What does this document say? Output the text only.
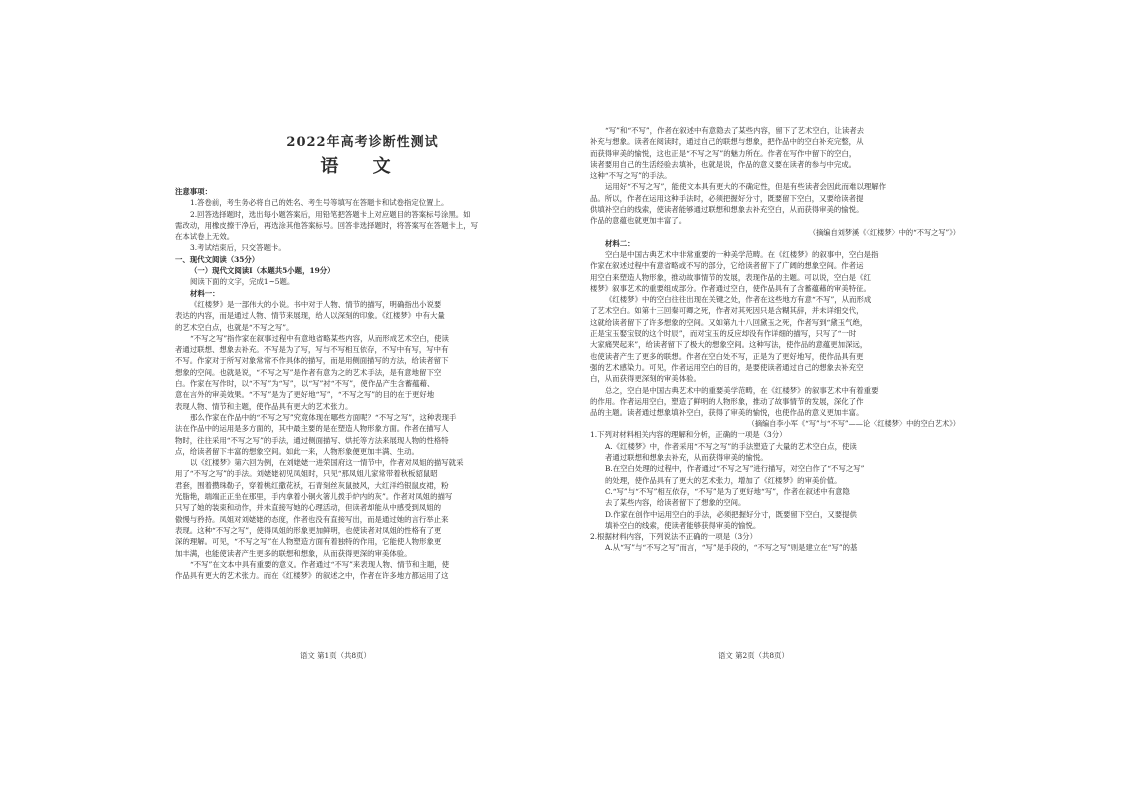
2022年高考诊断性测试
语 文
注意事项：
1.答卷前，考生务必将自己的姓名、考生号等填写在答题卡和试卷指定位置上。
2.回答选择题时，选出每小题答案后，用铅笔把答题卡上对应题目的答案标号涂黑。如
需改动，用橡皮擦干净后，再选涂其他答案标号。回答非选择题时，将答案写在答题卡上，写
在本试卷上无效。
3.考试结束后，只交答题卡。
一、现代文阅读（35分）
（一）现代文阅读Ⅰ（本题共5小题，19分）
阅读下面的文字，完成1~5题。
材料一：
《红楼梦》是一部伟大的小说。书中对于人物、情节的描写，明确指出小说要
表达的内容，而是通过人物、情节来展现，给人以深刻的印象。《红楼梦》中有大量
的艺术空白点，也就是“不写之写”。
“不写之写”指作家在叙事过程中有意地省略某些内容，从而形成艺术空白，使读
者通过联想、想象去补充。不写是为了写，写与不写相互依存，不写中有写，写中有
不写。作家对于所写对象常常不作具体的描写，而是用侧面描写的方法，给读者留下
想象的空间。也就是说，“不写之写”是作者有意为之的艺术手法，是有意地留下空
白。作家在写作时，以“不写”为“写”，以“写”衬“不写”，使作品产生含蓄蕴藉、
意在言外的审美效果。“不写”是为了更好地“写”，“不写之写”的目的在于更好地
表现人物、情节和主题，使作品具有更大的艺术张力。
那么作家在作品中的“不写之写”究竟体现在哪些方面呢？“不写之写”，这种表现手
法在作品中的运用是多方面的，其中最主要的是在塑造人物形象方面。作者在描写人
物时，往往采用“不写之写”的手法，通过侧面描写、烘托等方法来展现人物的性格特
点，给读者留下丰富的想象空间。如此一来，人物形象便更加丰满、生动。
以《红楼梦》第六回为例，在刘姥姥一进荣国府这一情节中，作者对凤姐的描写就采
用了“不写之写”的手法。刘姥姥初见凤姐时，只见“那凤姐儿家常带着秋板貂鼠昭
君套，围着攒珠勒子，穿着桃红撒花袄，石青刻丝灰鼠披风，大红洋绉银鼠皮裙，粉
光脂艳，端端正正坐在那里，手内拿着小铜火箸儿拨手炉内的灰”。作者对凤姐的描写
只写了她的装束和动作，并未直接写她的心理活动，但读者却能从中感受到凤姐的
傲慢与矜持。凤姐对刘姥姥的态度，作者也没有直接写出，而是通过她的言行举止来
表现。这种“不写之写”，使得凤姐的形象更加鲜明，也使读者对凤姐的性格有了更
深的理解。可见，“不写之写”在人物塑造方面有着独特的作用，它能使人物形象更
加丰满，也能使读者产生更多的联想和想象，从而获得更深的审美体验。
“不写”在文本中具有重要的意义。作者通过“不写”来表现人物、情节和主题，使
作品具有更大的艺术张力。而在《红楼梦》的叙述之中，作者在许多地方都运用了这
“写”和“不写”，作者在叙述中有意隐去了某些内容，留下了艺术空白，让读者去
补充与想象。读者在阅读时，通过自己的联想与想象，把作品中的空白补充完整，从
而获得审美的愉悦，这也正是“不写之写”的魅力所在。作者在写作中留下的空白，
读者要用自己的生活经验去填补，也就是说，作品的意义要在读者的参与中完成。
这种“不写之写”的手法。
运用好“不写之写”，能使文本具有更大的不确定性，但是有些读者会因此而难以理解作
品。所以，作者在运用这种手法时，必须把握好分寸，既要留下空白，又要给读者提
供填补空白的线索，使读者能够通过联想和想象去补充空白，从而获得审美的愉悦。
作品的意蕴也就更加丰富了。
（摘编自刘梦溪《〈红楼梦〉中的“不写之写”》）
材料二：
空白是中国古典艺术中非常重要的一种美学范畴。在《红楼梦》的叙事中，空白是指
作家在叙述过程中有意省略或不写的部分，它给读者留下了广阔的想象空间。作者运
用空白来塑造人物形象，推动故事情节的发展，表现作品的主题。可以说，空白是《红
楼梦》叙事艺术的重要组成部分。作者通过空白，使作品具有了含蓄蕴藉的审美特征。
《红楼梦》中的空白往往出现在关键之处，作者在这些地方有意“不写”，从而形成
了艺术空白。如第十三回秦可卿之死，作者对其死因只是含糊其辞，并未详细交代，
这就给读者留下了许多想象的空间。又如第九十八回黛玉之死，作者写到“黛玉气绝，
正是宝玉娶宝钗的这个时辰”，而对宝玉的反应却没有作详细的描写，只写了“一时
大家痛哭起来”，给读者留下了极大的想象空间。这种写法，使作品的意蕴更加深远，
也使读者产生了更多的联想。作者在空白处不写，正是为了更好地写，使作品具有更
强的艺术感染力。可见，作者运用空白的目的，是要使读者通过自己的想象去补充空
白，从而获得更深刻的审美体验。
总之，空白是中国古典艺术中的重要美学范畴，在《红楼梦》的叙事艺术中有着重要
的作用。作者运用空白，塑造了鲜明的人物形象，推动了故事情节的发展，深化了作
品的主题。读者通过想象填补空白，获得了审美的愉悦，也使作品的意义更加丰富。
（摘编自李小军《“写”与“不写”——论〈红楼梦〉中的空白艺术》）
1.下列对材料相关内容的理解和分析，正确的一项是（3分）
A.《红楼梦》中，作者采用“不写之写”的手法塑造了大量的艺术空白点，使读
者通过联想和想象去补充，从而获得审美的愉悦。
B.在空白处理的过程中，作者通过“不写之写”进行描写，对空白作了“不写之写”
的处理，使作品具有了更大的艺术张力，增加了《红楼梦》的审美价值。
C.“写”与“不写”相互依存，“不写”是为了更好地“写”，作者在叙述中有意隐
去了某些内容，给读者留下了想象的空间。
D.作家在创作中运用空白的手法，必须把握好分寸，既要留下空白，又要提供
填补空白的线索，使读者能够获得审美的愉悦。
2.根据材料内容，下列说法不正确的一项是（3分）
A.从“写”与“不写之写”而言，“写”是手段的，“不写之写”则是建立在“写”的基
语文 第1页（共8页）	语文 第2页（共8页）
